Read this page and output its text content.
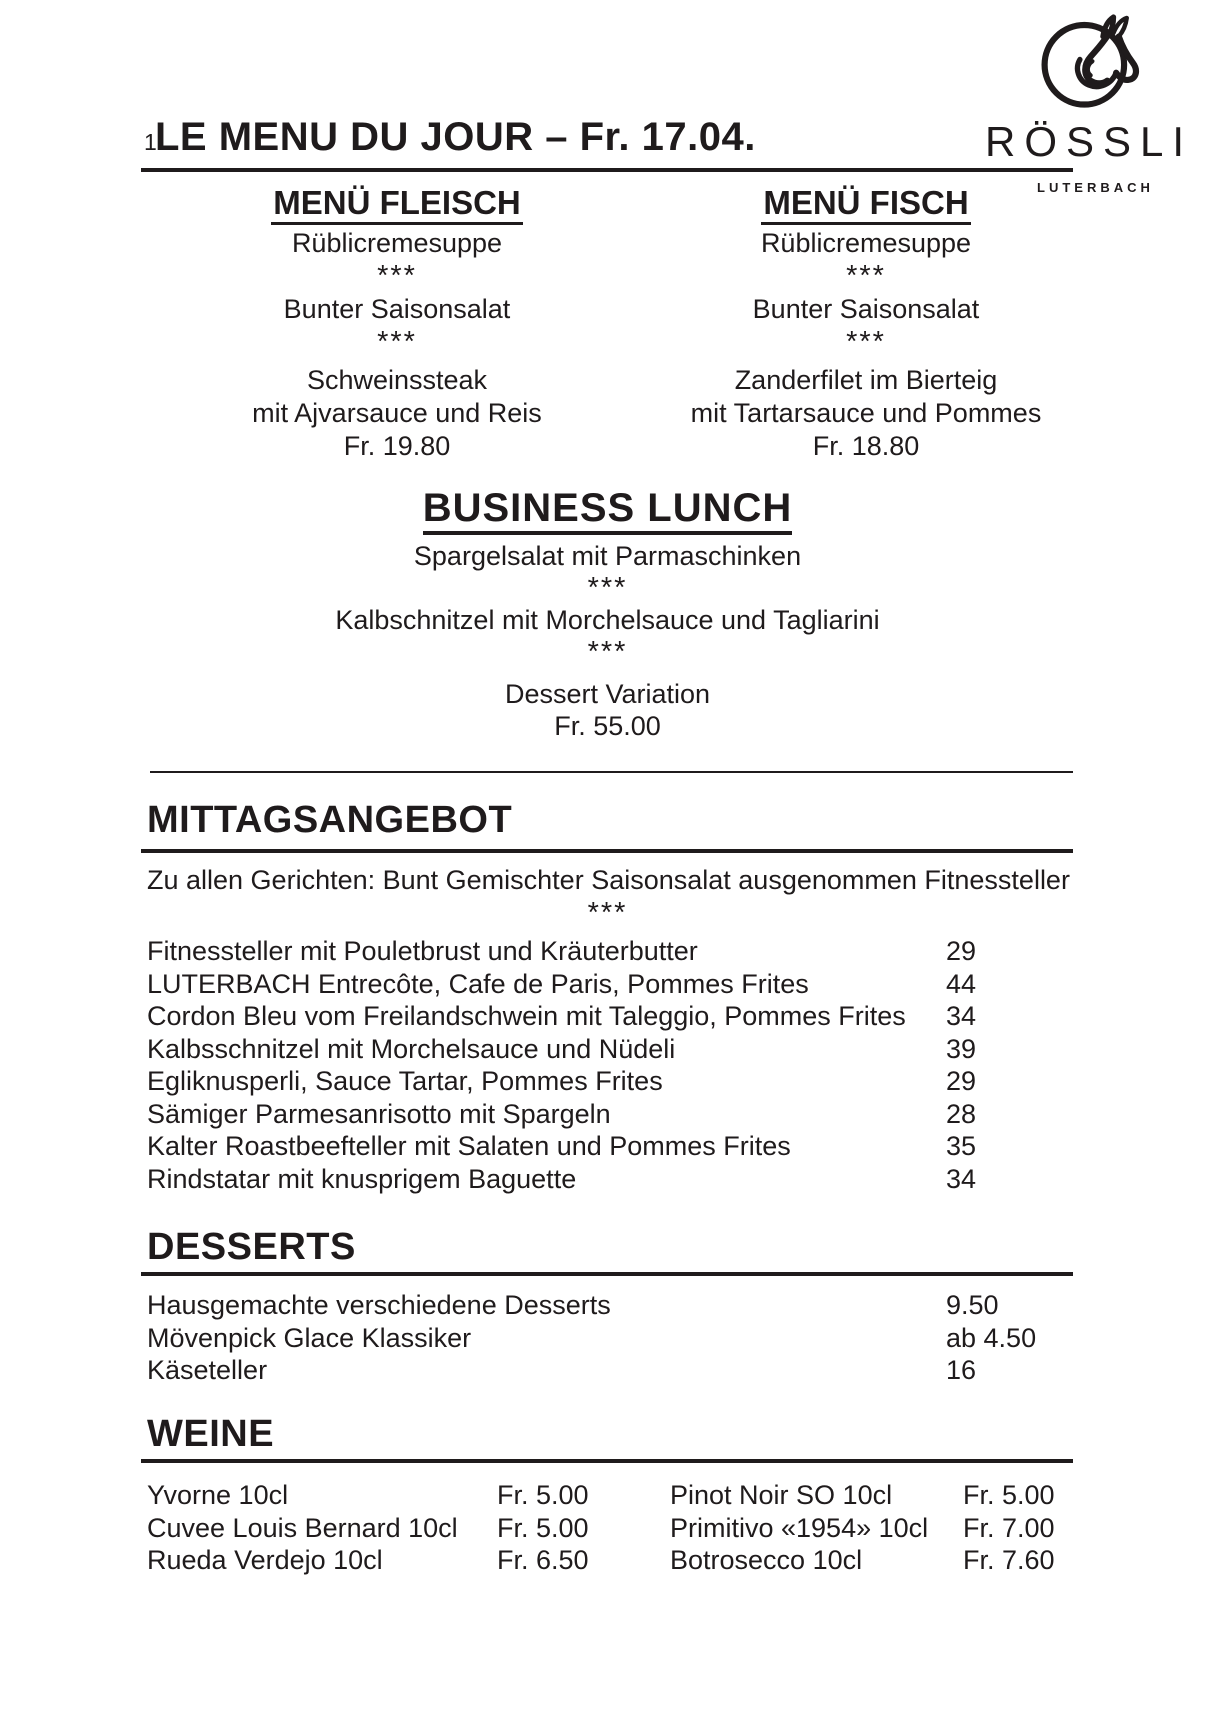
1
LE MENU DU JOUR – Fr. 17.04.	RÖSSLI
LUTERBACH
MENÜ FLEISCH
Rüblicremesuppe
***
Bunter Saisonsalat
***
Schweinssteak
mit Ajvarsauce und Reis
Fr. 19.80
MENÜ FISCH
Rüblicremesuppe
***
Bunter Saisonsalat
***
Zanderfilet im Bierteig
mit Tartarsauce und Pommes
Fr. 18.80
BUSINESS LUNCH
Spargelsalat mit Parmaschinken
***
Kalbschnitzel mit Morchelsauce und Tagliarini
***
Dessert Variation
Fr. 55.00
MITTAGSANGEBOT
Zu allen Gerichten: Bunt Gemischter Saisonsalat ausgenommen Fitnessteller
***
Fitnessteller mit Pouletbrust und Kräuterbutter	29
LUTERBACH Entrecôte, Cafe de Paris, Pommes Frites	44
Cordon Bleu vom Freilandschwein mit Taleggio, Pommes Frites 34
Kalbsschnitzel mit Morchelsauce und Nüdeli	39
Egliknusperli, Sauce Tartar, Pommes Frites	29
Sämiger Parmesanrisotto mit Spargeln	28
Kalter Roastbeefteller mit Salaten und Pommes Frites	35
Rindstatar mit knusprigem Baguette	34
DESSERTS
Hausgemachte verschiedene Desserts	9.50
Mövenpick Glace Klassiker	ab 4.50
Käseteller	16
WEINE
Yvorne 10cl	Fr. 5.00	Pinot Noir SO 10cl	Fr. 5.00
Cuvee Louis Bernard 10cl Fr. 5.00	Primitivo «1954» 10cl Fr. 7.00
Rueda Verdejo 10cl	Fr. 6.50	Botrosecco 10cl	Fr. 7.60
